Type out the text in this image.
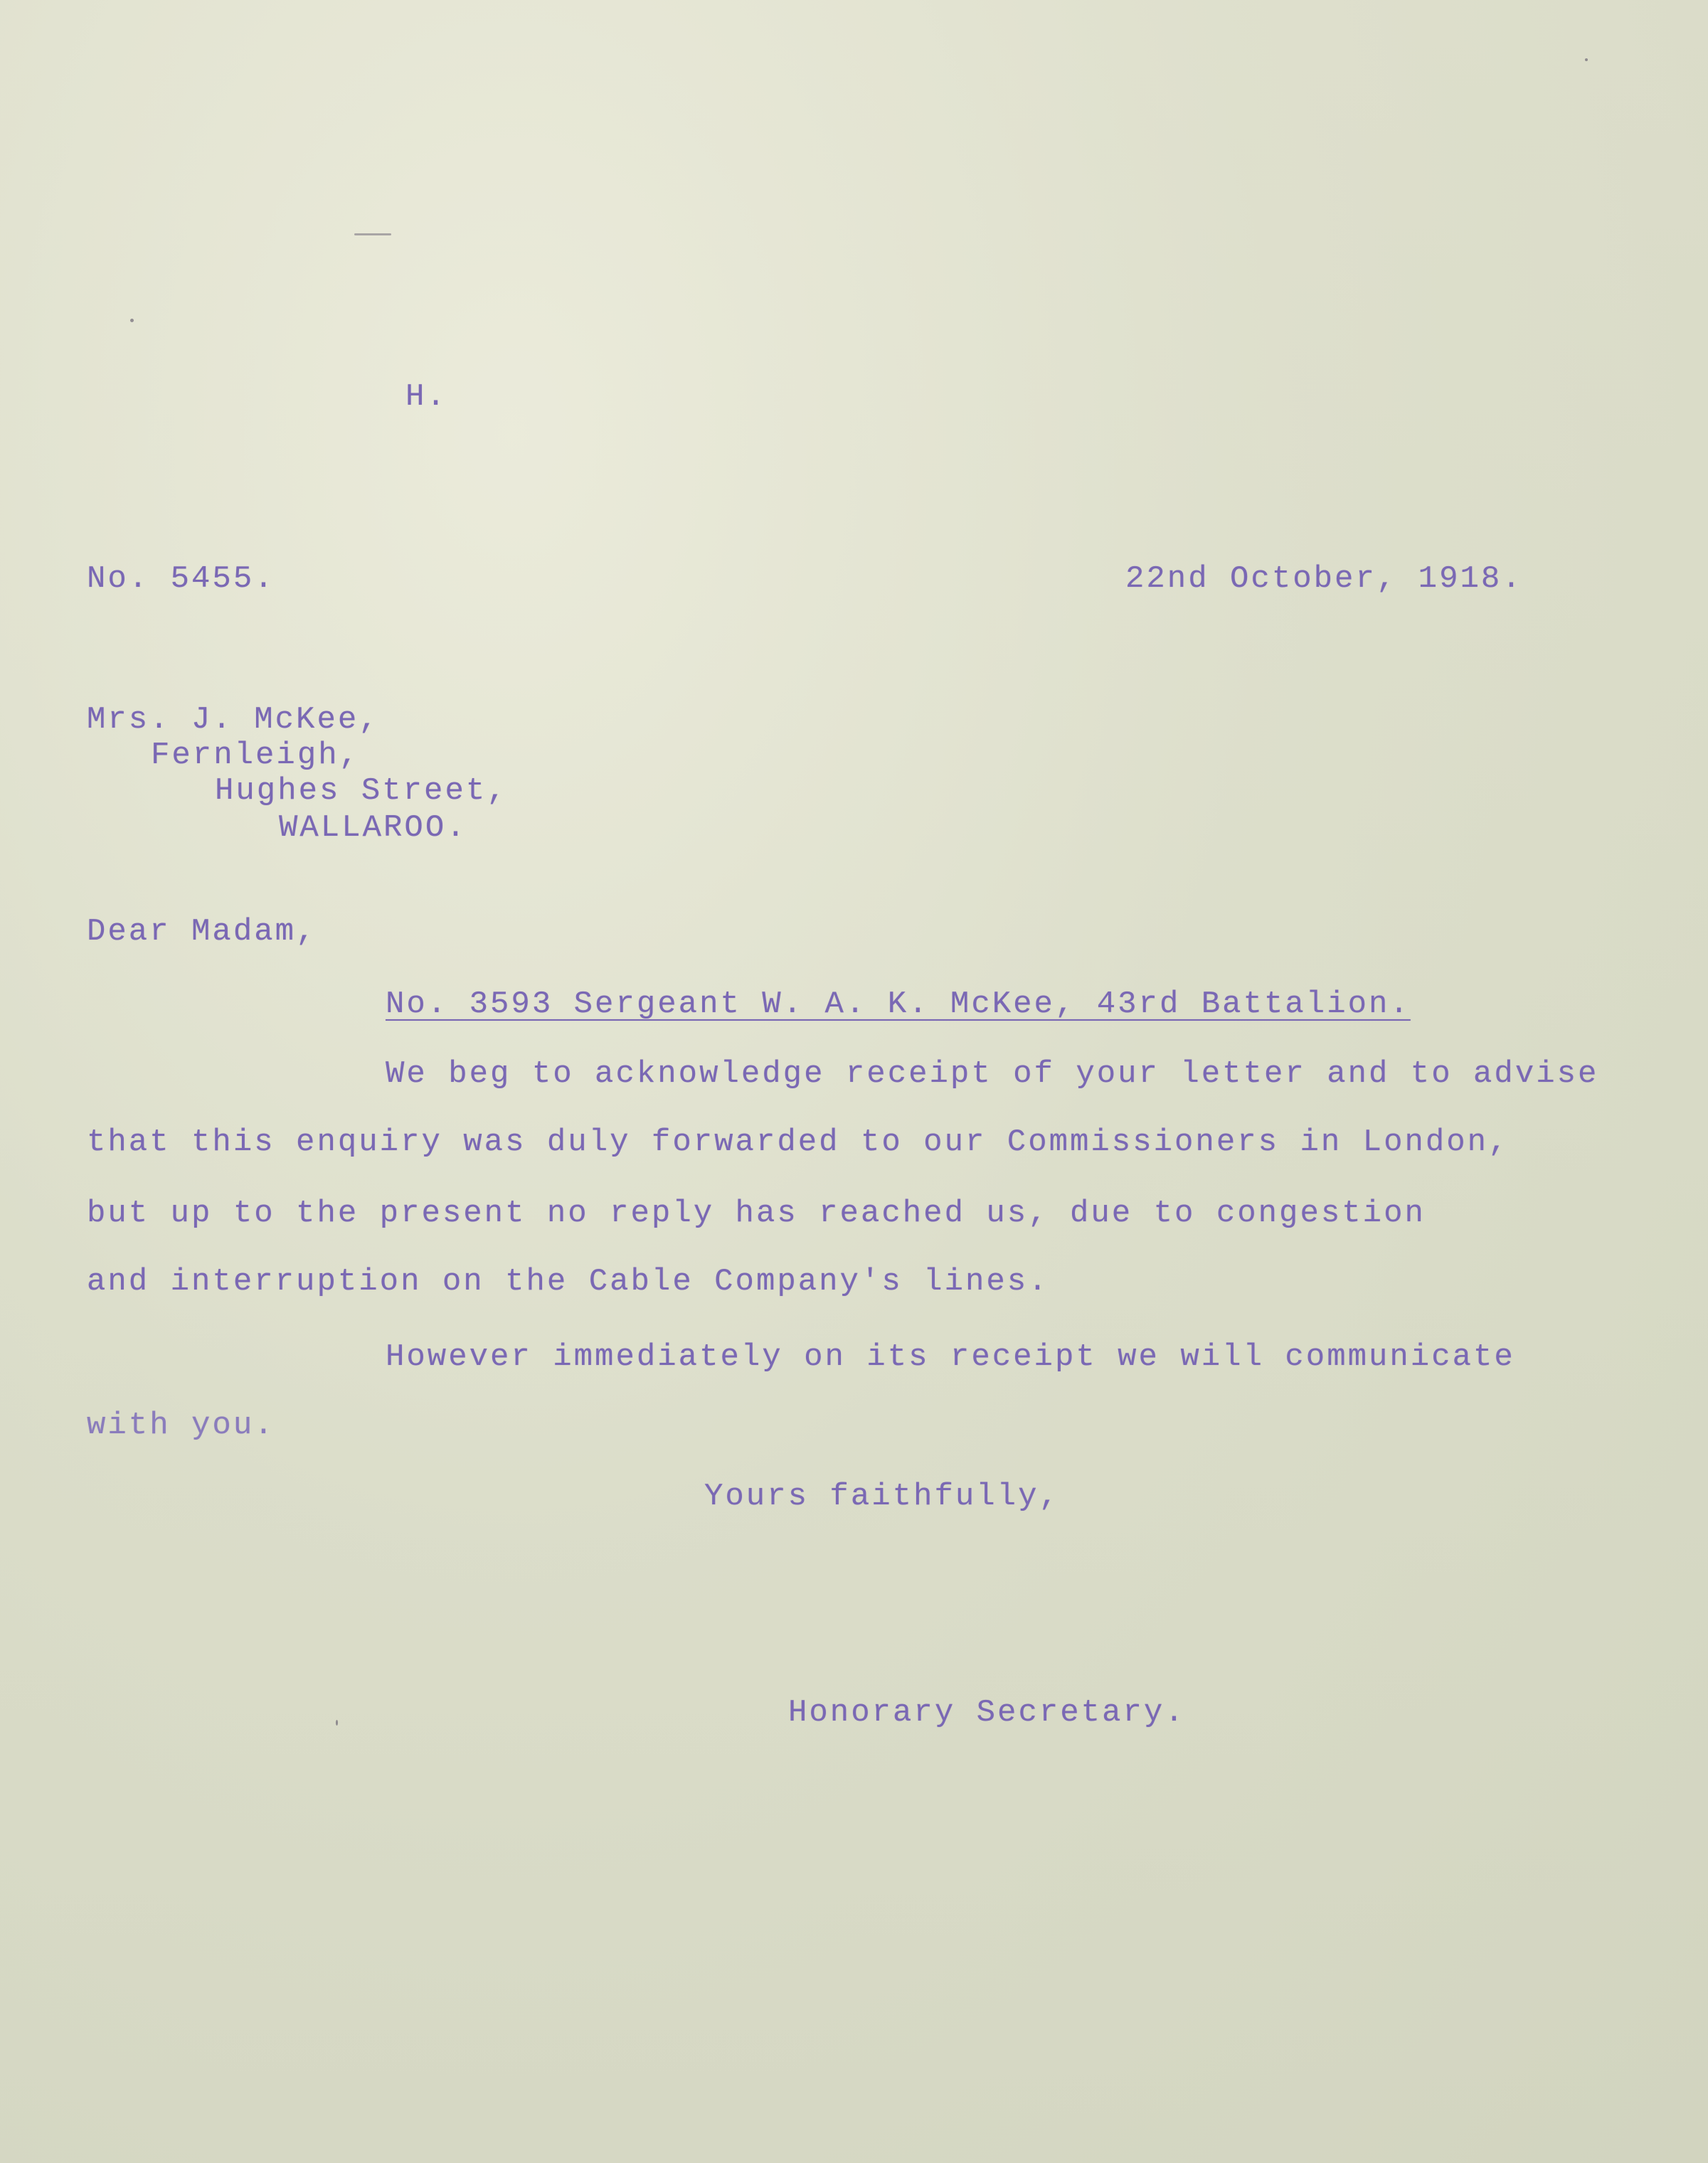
H.
No. 5455.	22nd October, 1918.
Mrs. J. McKee,
Fernleigh,
Hughes Street,
WALLAROO.
Dear Madam,
No. 3593 Sergeant W. A. K. McKee, 43rd Battalion.
We beg to acknowledge receipt of your letter and to advise
that this enquiry was duly forwarded to our Commissioners in London,
but up to the present no reply has reached us, due to congestion
and interruption on the Cable Company's lines.
However immediately on its receipt we will communicate
with you.
Yours faithfully,
Honorary Secretary.
